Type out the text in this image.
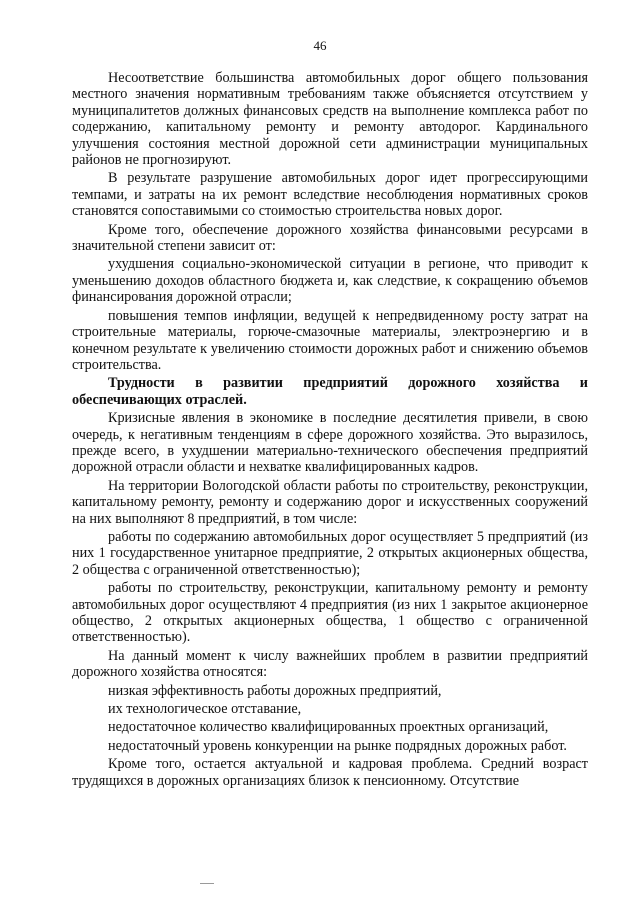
46

Несоответствие большинства автомобильных дорог общего пользования местного значения нормативным требованиям также объясняется отсутствием у муниципалитетов должных финансовых средств на выполнение комплекса работ по содержанию, капитальному ремонту и ремонту автодорог. Кардинального улучшения состояния местной дорожной сети администрации муниципальных районов не прогнозируют.

В результате разрушение автомобильных дорог идет прогрессирующими темпами, и затраты на их ремонт вследствие несоблюдения нормативных сроков становятся сопоставимыми со стоимостью строительства новых дорог.

Кроме того, обеспечение дорожного хозяйства финансовыми ресурсами в значительной степени зависит от:

ухудшения социально-экономической ситуации в регионе, что приводит к уменьшению доходов областного бюджета и, как следствие, к сокращению объемов финансирования дорожной отрасли;

повышения темпов инфляции, ведущей к непредвиденному росту затрат на строительные материалы, горюче-смазочные материалы, электроэнергию и в конечном результате к увеличению стоимости дорожных работ и снижению объемов строительства.

Трудности в развитии предприятий дорожного хозяйства и обеспечивающих отраслей.

Кризисные явления в экономике в последние десятилетия привели, в свою очередь, к негативным тенденциям в сфере дорожного хозяйства. Это выразилось, прежде всего, в ухудшении материально-технического обеспечения предприятий дорожной отрасли области и нехватке квалифицированных кадров.

На территории Вологодской области работы по строительству, реконструкции, капитальному ремонту, ремонту и содержанию дорог и искусственных сооружений на них выполняют 8 предприятий, в том числе:

работы по содержанию автомобильных дорог осуществляет 5 предприятий (из них 1 государственное унитарное предприятие, 2 открытых акционерных общества, 2 общества с ограниченной ответственностью);

работы по строительству, реконструкции, капитальному ремонту и ремонту автомобильных дорог осуществляют 4 предприятия (из них 1 закрытое акционерное общество, 2 открытых акционерных общества, 1 общество с ограниченной ответственностью).

На данный момент к числу важнейших проблем в развитии предприятий дорожного хозяйства относятся:

низкая эффективность работы дорожных предприятий,

их технологическое отставание,

недостаточное количество квалифицированных проектных организаций,

недостаточный уровень конкуренции на рынке подрядных дорожных работ.

Кроме того, остается актуальной и кадровая проблема. Средний возраст трудящихся в дорожных организациях близок к пенсионному. Отсутствие
